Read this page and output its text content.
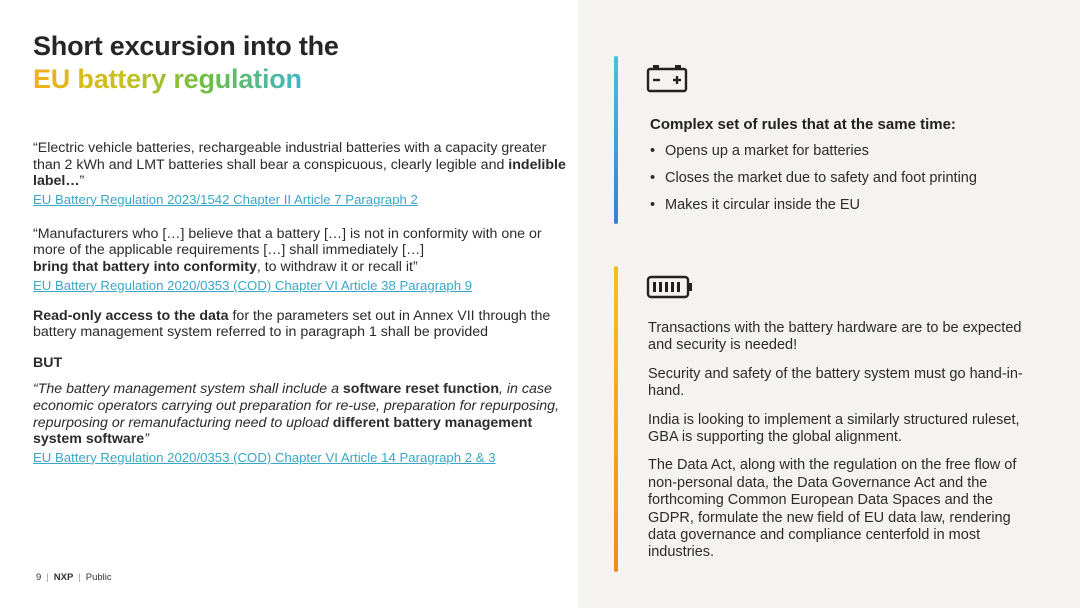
Short excursion into the
EU battery regulation

“Electric vehicle batteries, rechargeable industrial batteries with a capacity greater than 2 kWh and LMT batteries shall bear a conspicuous, clearly legible and indelible label…”

EU Battery Regulation 2023/1542 Chapter II Article 7 Paragraph 2

“Manufacturers who […] believe that a battery […] is not in conformity with one or more of the applicable requirements […] shall immediately […]
bring that battery into conformity, to withdraw it or recall it”

EU Battery Regulation 2020/0353 (COD) Chapter VI Article 38 Paragraph 9

Read-only access to the data for the parameters set out in Annex VII through the battery management system referred to in paragraph 1 shall be provided

BUT

“The battery management system shall include a software reset function, in case economic operators carrying out preparation for re-use, preparation for repurposing, repurposing or remanufacturing need to upload different battery management system software”

EU Battery Regulation 2020/0353 (COD) Chapter VI Article 14 Paragraph 2 & 3
9 | NXP | Public
Complex set of rules that at the same time:
• Opens up a market for batteries
• Closes the market due to safety and foot printing
• Makes it circular inside the EU

Transactions with the battery hardware are to be expected and security is needed!

Security and safety of the battery system must go hand-in-hand.

India is looking to implement a similarly structured ruleset, GBA is supporting the global alignment.

The Data Act, along with the regulation on the free flow of non-personal data, the Data Governance Act and the forthcoming Common European Data Spaces and the GDPR, formulate the new field of EU data law, rendering data governance and compliance centerfold in most industries.
